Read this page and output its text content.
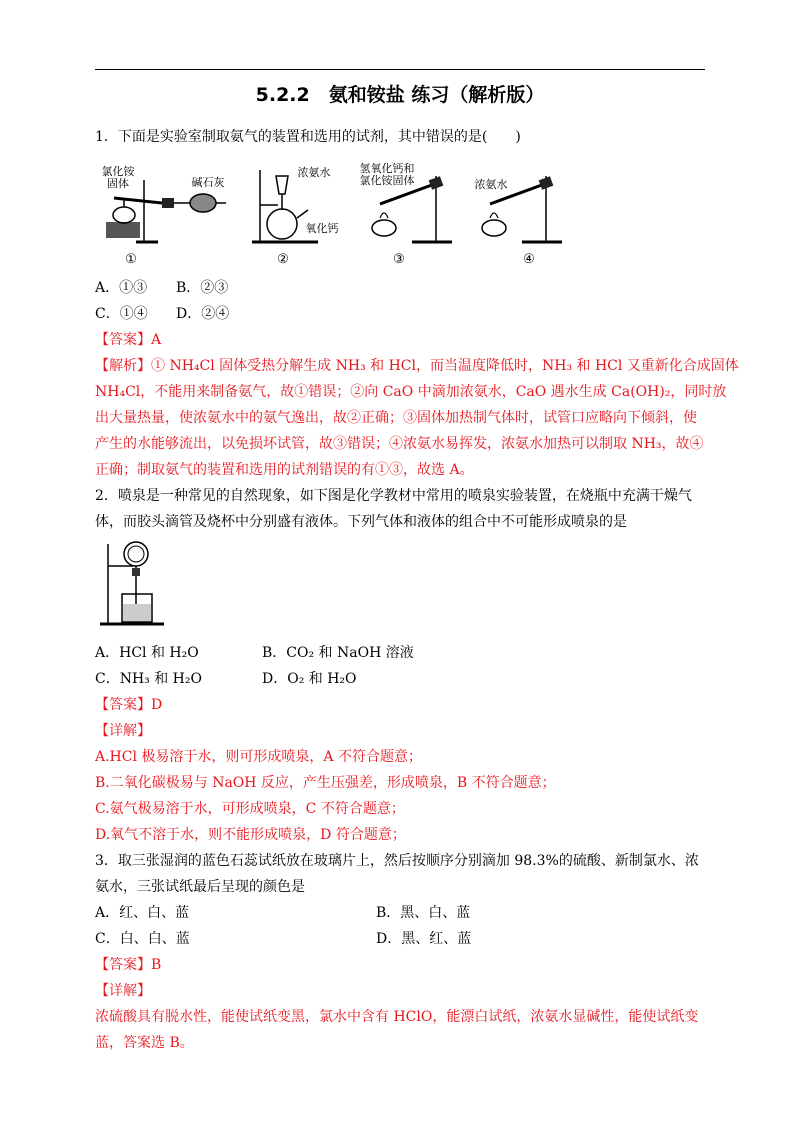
5.2.2　氨和铵盐 练习（解析版）
1．下面是实验室制取氨气的装置和选用的试剂，其中错误的是(　　)
氯化铵
固体	碱石灰
①
浓氨水
氧化钙
②
氢氧化钙和
氯化铵固体
③
浓氨水
④
A．①③ B．②③
C．①④ D．②④
【答案】A
【解析】① NH₄Cl 固体受热分解生成 NH₃ 和 HCl，而当温度降低时，NH₃ 和 HCl 又重新化合成固体
NH₄Cl，不能用来制备氨气，故①错误；②向 CaO 中滴加浓氨水，CaO 遇水生成 Ca(OH)₂，同时放
出大量热量，使浓氨水中的氨气逸出，故②正确；③固体加热制气体时，试管口应略向下倾斜，使
产生的水能够流出，以免损坏试管，故③错误；④浓氨水易挥发，浓氨水加热可以制取 NH₃，故④
正确；制取氨气的装置和选用的试剂错误的有①③，故选 A。
2．喷泉是一种常见的自然现象，如下图是化学教材中常用的喷泉实验装置，在烧瓶中充满干燥气
体，而胶头滴管及烧杯中分别盛有液体。下列气体和液体的组合中不可能形成喷泉的是
A．HCl 和 H₂O	B．CO₂ 和 NaOH 溶液
C．NH₃ 和 H₂O	D．O₂ 和 H₂O
【答案】D
【详解】
A.HCl 极易溶于水，则可形成喷泉，A 不符合题意；
B.二氧化碳极易与 NaOH 反应，产生压强差，形成喷泉，B 不符合题意；
C.氨气极易溶于水，可形成喷泉，C 不符合题意；
D.氧气不溶于水，则不能形成喷泉，D 符合题意；
3．取三张湿润的蓝色石蕊试纸放在玻璃片上，然后按顺序分别滴加 98.3%的硫酸、新制氯水、浓
氨水，三张试纸最后呈现的颜色是
A．红、白、蓝	B．黑、白、蓝
C．白、白、蓝	D．黑、红、蓝
【答案】B
【详解】
浓硫酸具有脱水性，能使试纸变黑，氯水中含有 HClO，能漂白试纸，浓氨水显碱性，能使试纸变
蓝，答案选 B。
